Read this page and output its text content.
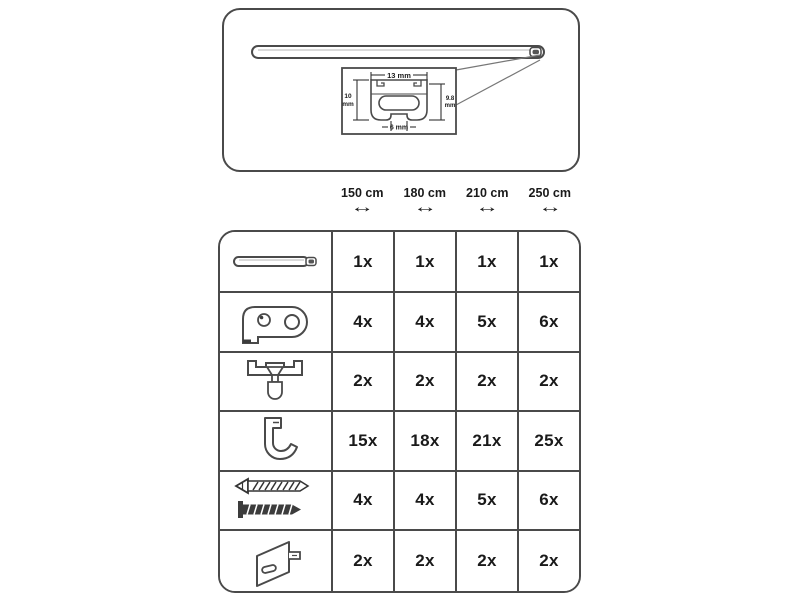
13 mm
10
mm
9.8
mm
6 mm
150 cm
↔
180 cm
↔
210 cm
↔
250 cm
↔
1x 1x 1x 1x
4x 4x 5x 6x
2x 2x 2x 2x
15x 18x 21x 25x
4x 4x 5x 6x
2x 2x 2x 2x
